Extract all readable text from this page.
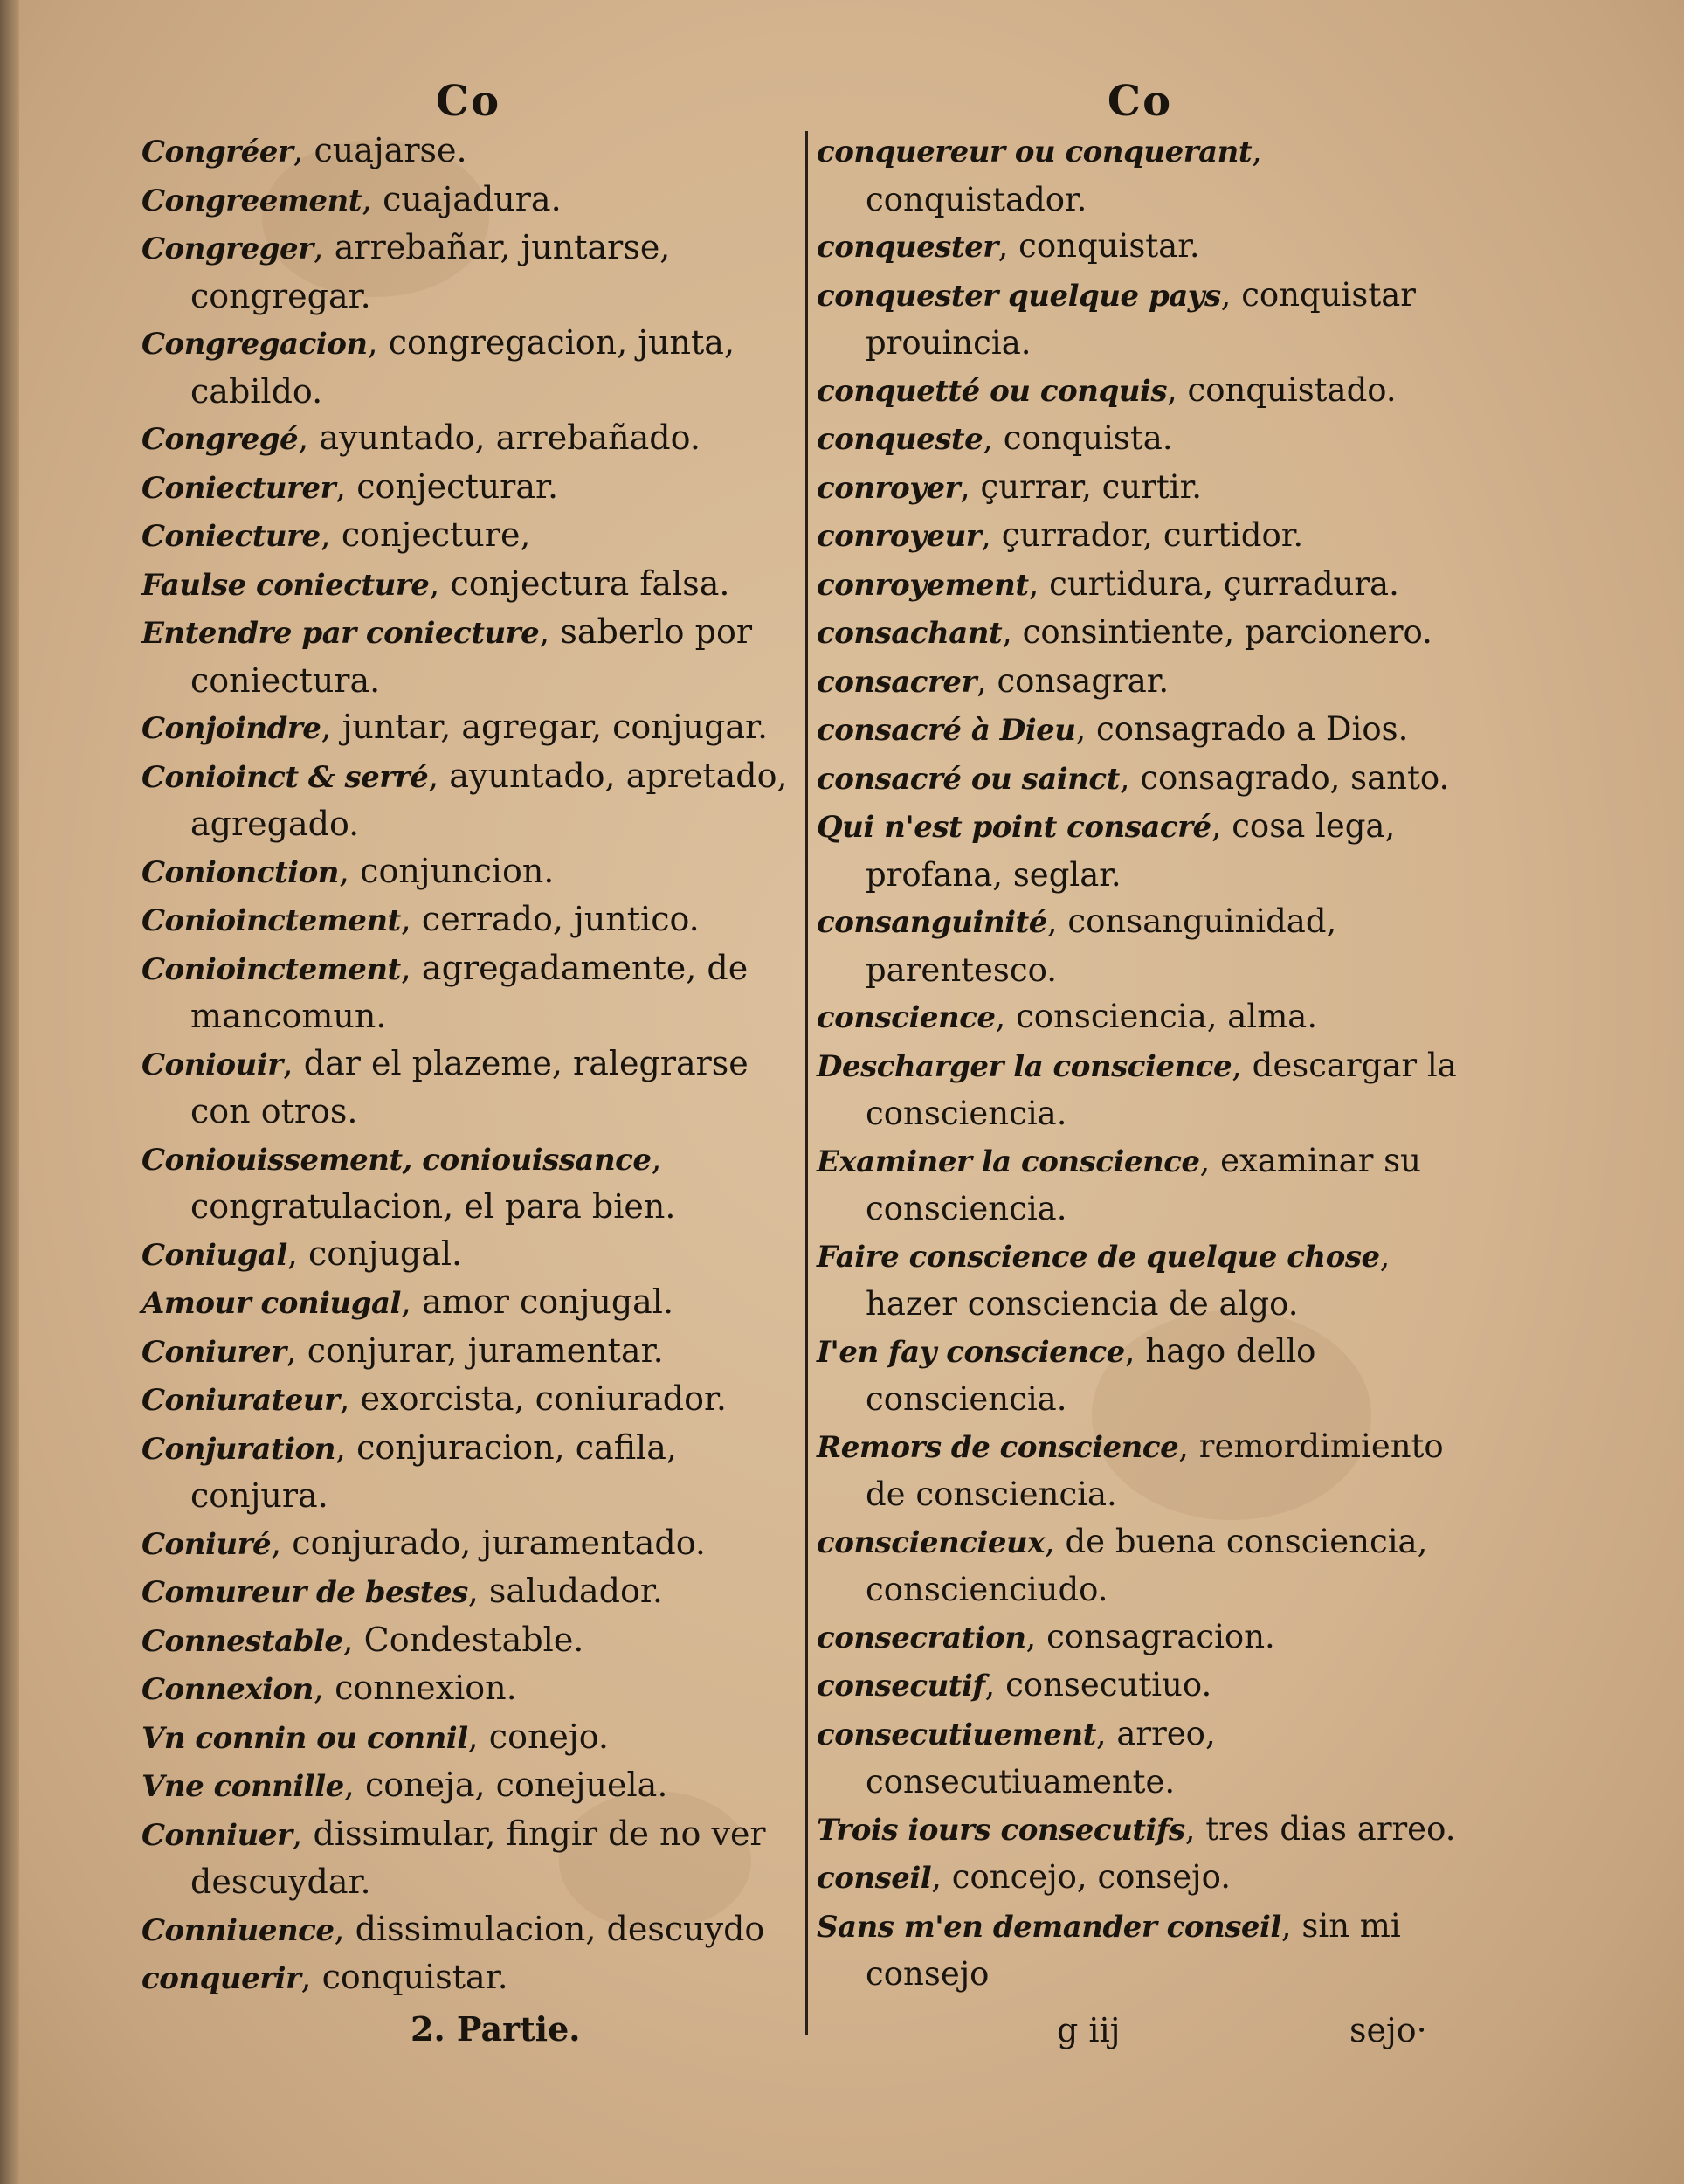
Co
Congréer, cuajarse.
Congreement, cuajadura.
Congreger, arrebañar, juntarse, congregar.
Congregacion, congregacion, junta, cabildo.
Congregé, ayuntado, arrebañado.
Coniecturer, conjecturar.
Coniecture, conjecture,
Faulse coniecture, conjectura falsa.
Entendre par coniecture, saberlo por coniectura.
Conjoindre, juntar, agregar, conjugar.
Conioinct & serré, ayuntado, apretado, agregado.
Conionction, conjuncion.
Conioinctement, cerrado, juntico.
Conioinctement, agregadamente, de mancomun.
Coniouir, dar el plazeme, ralegrarse con otros.
Coniouissement, coniouissance, congratulacion, el para bien.
Coniugal, conjugal.
Amour coniugal, amor conjugal.
Coniurer, conjurar, juramentar.
Coniurateur, exorcista, coniurador.
Conjuration, conjuracion, cafila, conjura.
Coniuré, conjurado, juramentado.
Comureur de bestes, saludador.
Connestable, Condestable.
Connexion, connexion.
Vn connin ou connil, conejo.
Vne connille, coneja, conejuela.
Conniuer, dissimular, fingir de no ver descuydar.
Conniuence, dissimulacion, descuydo
conquerir, conquistar.
Co
conquereur ou conquerant, conquistador.
conquester, conquistar.
conquester quelque pays, conquistar prouincia.
conquetté ou conquis, conquistado.
conqueste, conquista.
conroyer, çurrar, curtir.
conroyeur, çurrador, curtidor.
conroyement, curtidura, çurradura.
consachant, consintiente, parcionero.
consacrer, consagrar.
consacré à Dieu, consagrado a Dios.
consacré ou sainct, consagrado, santo.
Qui n'est point consacré, cosa lega, profana, seglar.
consanguinité, consanguinidad, parentesco.
conscience, consciencia, alma.
Descharger la conscience, descargar la consciencia.
Examiner la conscience, examinar su consciencia.
Faire conscience de quelque chose, hazer consciencia de algo.
I'en fay conscience, hago dello consciencia.
Remors de conscience, remordimiento de consciencia.
consciencieux, de buena consciencia, conscienciudo.
consecration, consagracion.
consecutif, consecutiuo.
consecutiuement, arreo, consecutiuamente.
Trois iours consecutifs, tres dias arreo.
conseil, concejo, consejo.
Sans m'en demander conseil, sin mi consejo
2. Partie.	g iij	sejo·
